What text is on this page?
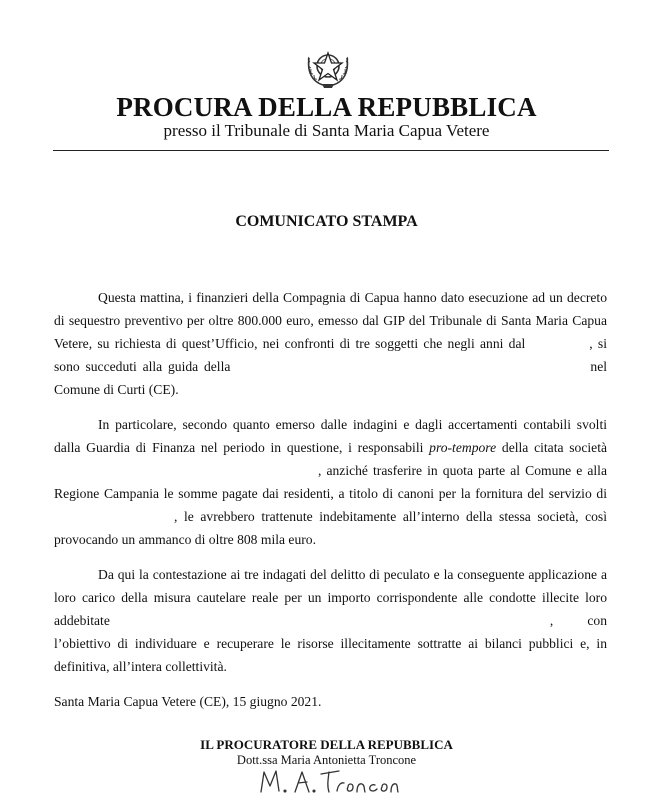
PROCURA DELLA REPUBBLICA
presso il Tribunale di Santa Maria Capua Vetere
COMUNICATO STAMPA

Questa mattina, i finanzieri della Compagnia di Capua hanno dato esecuzione ad un decreto di sequestro preventivo per oltre 800.000 euro, emesso dal GIP del Tribunale di Santa Maria Capua Vetere, su richiesta di quest’Ufficio, nei confronti di tre soggetti che negli anni dal	, si sono succeduti alla guida della	nel Comune di Curti (CE).

In particolare, secondo quanto emerso dalle indagini e dagli accertamenti contabili svolti dalla Guardia di Finanza nel periodo in questione, i responsabili pro-tempore della citata società  , anziché trasferire in quota parte al Comune e alla Regione Campania le somme pagate dai residenti, a titolo di canoni per la fornitura del servizio di , le avrebbero trattenute indebitamente all’interno della stessa società, così provocando un ammanco di oltre 808 mila euro.

Da qui la contestazione ai tre indagati del delitto di peculato e la conseguente applicazione a loro carico della misura cautelare reale per un importo corrispondente alle condotte illecite loro addebitate	, con l’obiettivo di individuare e recuperare le risorse illecitamente sottratte ai bilanci pubblici e, in definitiva, all’intera collettività.

Santa Maria Capua Vetere (CE), 15 giugno 2021.

IL PROCURATORE DELLA REPUBBLICA
Dott.ssa Maria Antonietta Troncone
